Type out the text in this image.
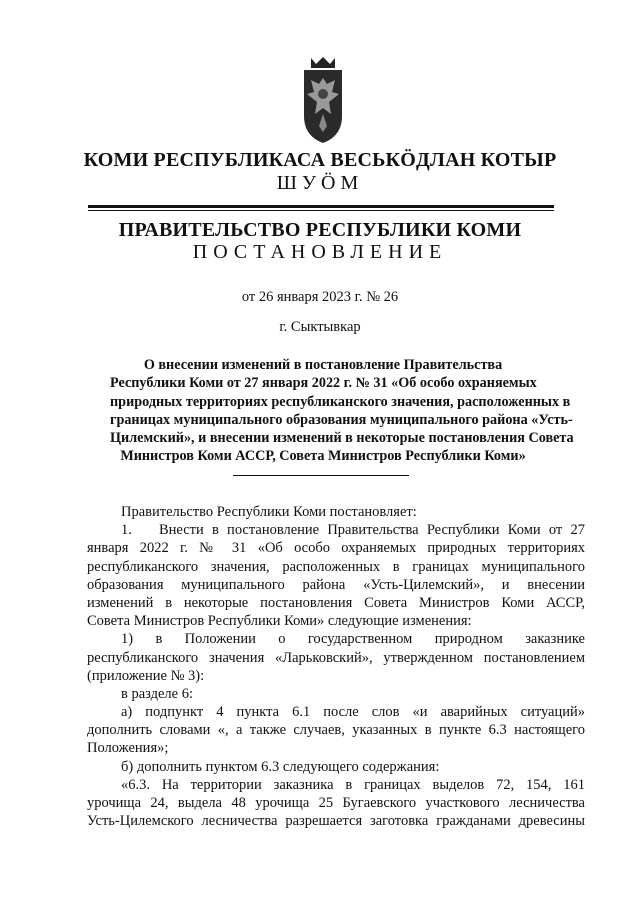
КОМИ РЕСПУБЛИКАСА ВЕСЬКӦДЛАН КОТЫР
ШУӦМ
ПРАВИТЕЛЬСТВО РЕСПУБЛИКИ КОМИ
ПОСТАНОВЛЕНИЕ
от 26 января 2023 г. № 26
г. Сыктывкар
О внесении изменений в постановление Правительства
Республики Коми от 27 января 2022 г. № 31 «Об особо охраняемых
природных территориях республиканского значения, расположенных в
границах муниципального образования муниципального района «Усть-
Цилемский», и внесении изменений в некоторые постановления Совета
Министров Коми АССР, Совета Министров Республики Коми»
Правительство Республики Коми постановляет:
1. Внести в постановление Правительства Республики Коми от 27
января 2022 г. № 31 «Об особо охраняемых природных территориях
республиканского значения, расположенных в границах муниципального
образования муниципального района «Усть-Цилемский», и внесении
изменений в некоторые постановления Совета Министров Коми АССР,
Совета Министров Республики Коми» следующие изменения:
1) в Положении о государственном природном заказнике
республиканского значения «Ларьковский», утвержденном постановлением
(приложение № 3):
в разделе 6:
а) подпункт 4 пункта 6.1 после слов «и аварийных ситуаций»
дополнить словами «, а также случаев, указанных в пункте 6.3 настоящего
Положения»;
б) дополнить пунктом 6.3 следующего содержания:
«6.3. На территории заказника в границах выделов 72, 154, 161
урочища 24, выдела 48 урочища 25 Бугаевского участкового лесничества
Усть-Цилемского лесничества разрешается заготовка гражданами древесины
